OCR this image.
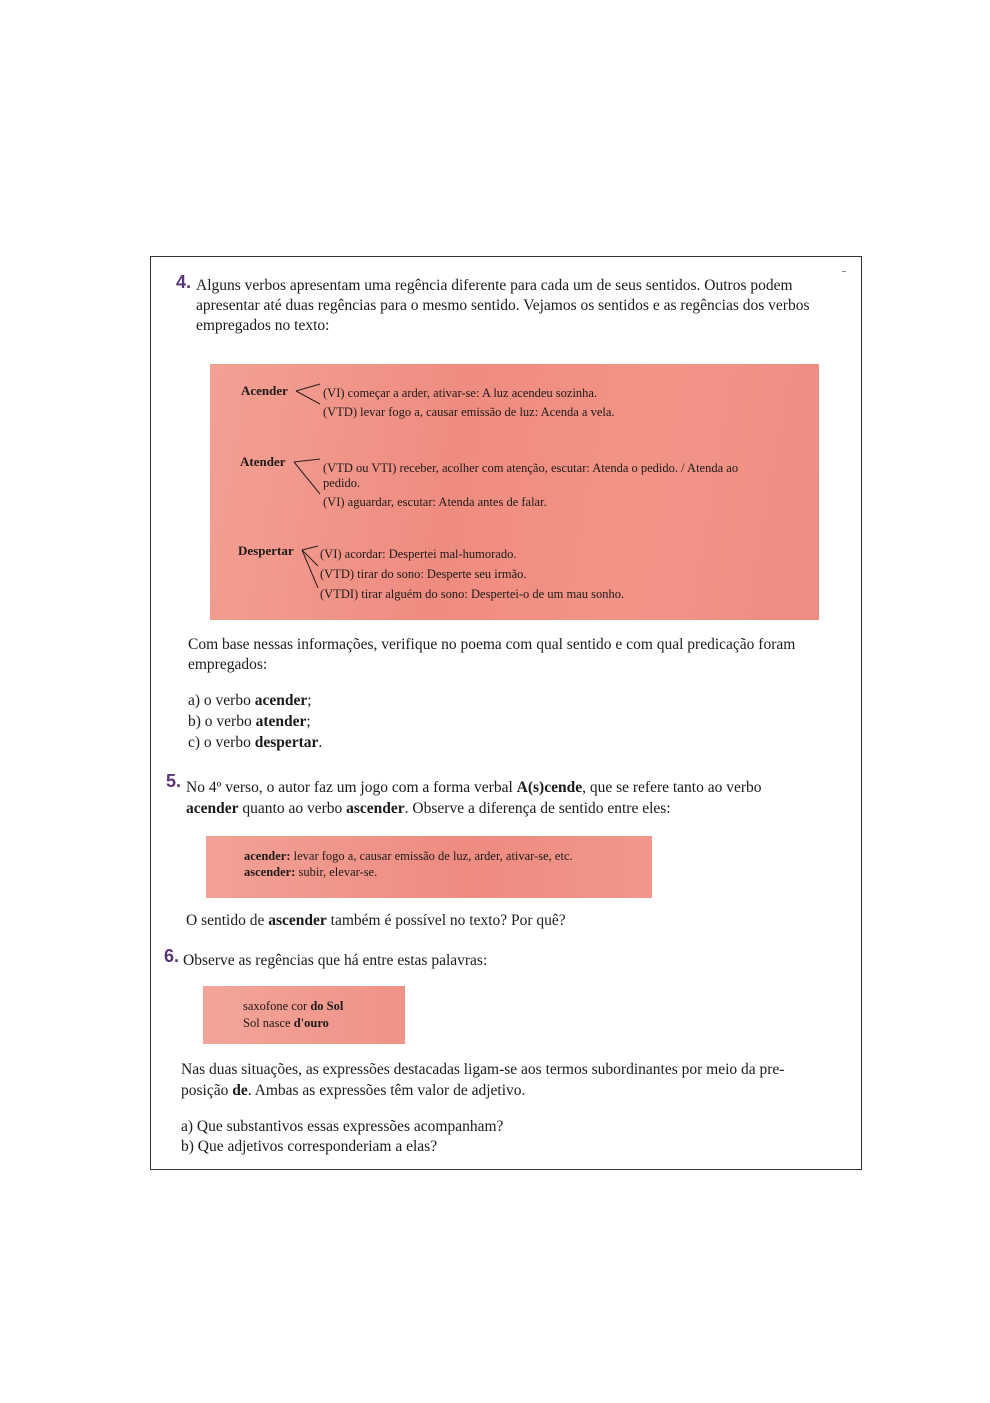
4. Alguns verbos apresentam uma regência diferente para cada um de seus sentidos. Outros podem
apresentar até duas regências para o mesmo sentido. Vejamos os sentidos e as regências dos verbos
empregados no texto:
Acender	(VI) começar a arder, ativar-se: A luz acendeu sozinha.
(VTD) levar fogo a, causar emissão de luz: Acenda a vela.
Atender	(VTD ou VTI) receber, acolher com atenção, escutar: Atenda o pedido. / Atenda ao
pedido.
(VI) aguardar, escutar: Atenda antes de falar.
Despertar (VI) acordar: Despertei mal-humorado.
(VTD) tirar do sono: Desperte seu irmão.
(VTDI) tirar alguém do sono: Despertei-o de um mau sonho.
Com base nessas informações, verifique no poema com qual sentido e com qual predicação foram
empregados:
a) o verbo acender;
b) o verbo atender;
c) o verbo despertar.
5. No 4º verso, o autor faz um jogo com a forma verbal A(s)cende, que se refere tanto ao verbo
acender quanto ao verbo ascender. Observe a diferença de sentido entre eles:
acender: levar fogo a, causar emissão de luz, arder, ativar-se, etc.
ascender: subir, elevar-se.
O sentido de ascender também é possível no texto? Por quê?
6. Observe as regências que há entre estas palavras:
saxofone cor do Sol
Sol nasce d'ouro
Nas duas situações, as expressões destacadas ligam-se aos termos subordinantes por meio da pre-
posição de. Ambas as expressões têm valor de adjetivo.
a) Que substantivos essas expressões acompanham?
b) Que adjetivos corresponderiam a elas?
